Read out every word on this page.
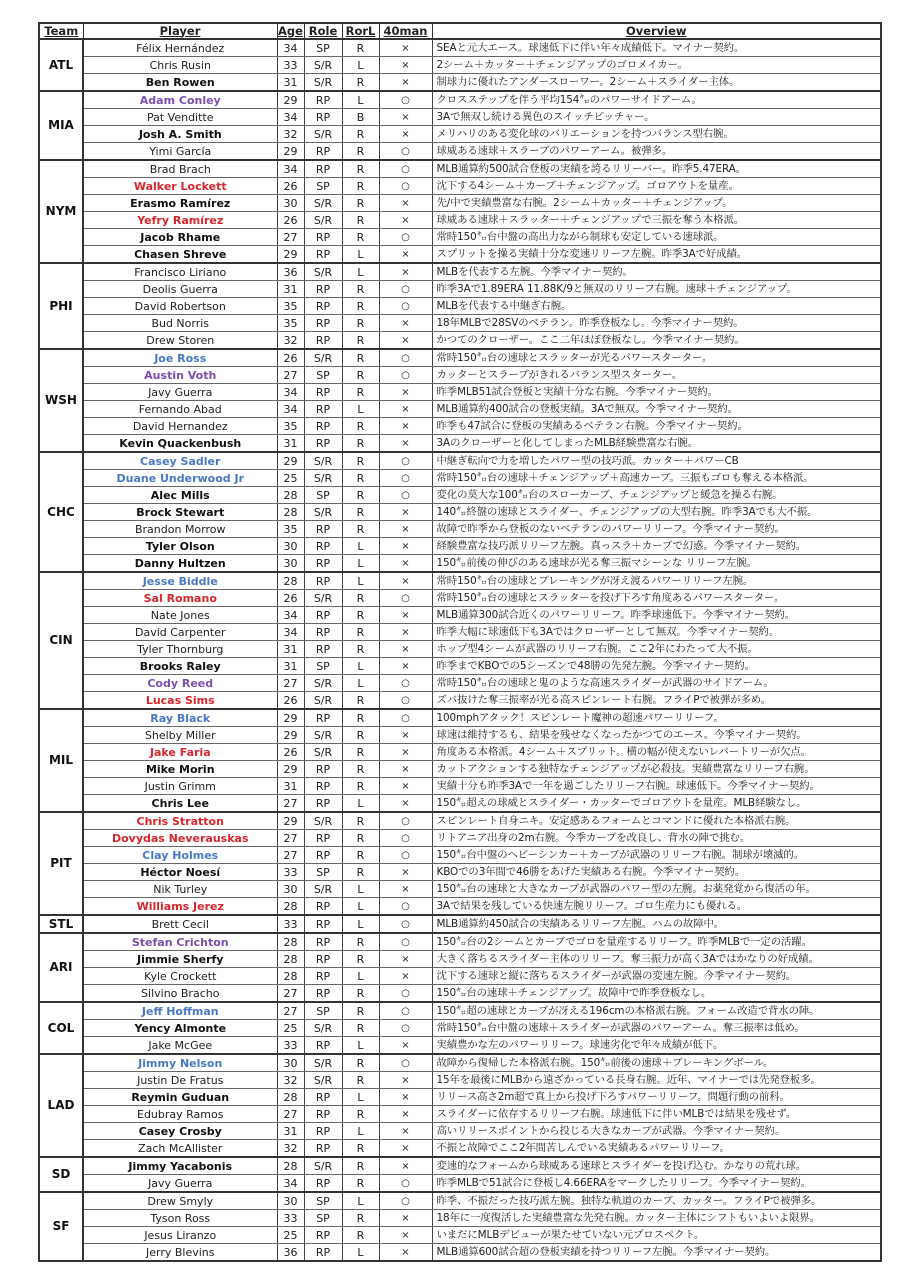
Team	Player	Age	Role	RorL	40man	Overview
ATL	Félix Hernández	34	SP	R	×	SEAと元大エース。球速低下に伴い年々成績低下。マイナー契約。
	Chris Rusin	33	S/R	L	×	2シーム＋カッター＋チェンジアップのゴロメイカー。
	Ben Rowen	31	S/R	R	×	制球力に優れたアンダースローワー。2シーム＋スライダー主体。
MIA	Adam Conley	29	RP	L	○	クロスステップを伴う平均154㌔のパワーサイドアーム。
	Pat Venditte	34	RP	B	×	3Aで無双し続ける異色のスイッチピッチャー。
	Josh A. Smith	32	S/R	R	×	メリハリのある変化球のバリエーションを持つバランス型右腕。
	Yimi García	29	RP	R	○	球威ある速球＋スラーブのパワーアーム。被弾多。
NYM	Brad Brach	34	RP	R	○	MLB通算約500試合登板の実績を誇るリリーバー。昨季5.47ERA。
	Walker Lockett	26	SP	R	○	沈下する4シーム＋カーブ＋チェンジアップ。ゴロアウトを量産。
	Erasmo Ramírez	30	S/R	R	×	先/中で実績豊富な右腕。2シーム＋カッター＋チェンジアップ。
	Yefry Ramírez	26	S/R	R	×	球威ある速球＋スラッター＋チェンジアップで三振を奪う本格派。
	Jacob Rhame	27	RP	R	○	常時150㌔台中盤の高出力ながら制球も安定している速球派。
	Chasen Shreve	29	RP	L	×	スプリットを操る実績十分な変速リリーフ左腕。昨季3Aで好成績。
PHI	Francisco Liriano	36	S/R	L	×	MLBを代表する左腕。今季マイナー契約。
	Deolis Guerra	31	RP	R	○	昨季3Aで1.89ERA 11.88K/9と無双のリリーフ右腕。速球＋チェンジアップ。
	David Robertson	35	RP	R	○	MLBを代表する中継ぎ右腕。
	Bud Norris	35	RP	R	×	18年MLBで28SVのベテラン。昨季登板なし。今季マイナー契約。
	Drew Storen	32	RP	R	×	かつてのクローザー。ここ二年ほぼ登板なし。今季マイナー契約。
WSH	Joe Ross	26	S/R	R	○	常時150㌔台の速球とスラッターが光るパワースターター。
	Austin Voth	27	SP	R	○	カッターとスラーブがきれるバランス型スターター。
	Javy Guerra	34	RP	R	×	昨季MLB51試合登板と実績十分な右腕。今季マイナー契約。
	Fernando Abad	34	RP	L	×	MLB通算約400試合の登板実績。3Aで無双。今季マイナー契約。
	David Hernandez	35	RP	R	×	昨季も47試合に登板の実績あるベテラン右腕。今季マイナー契約。
	Kevin Quackenbush	31	RP	R	×	3Aのクローザーと化してしまったMLB経験豊富な右腕。
CHC	Casey Sadler	29	S/R	R	○	中継ぎ転向で力を増したパワー型の技巧派。カッター＋パワーCB
	Duane Underwood Jr	25	S/R	R	○	常時150㌔台の速球＋チェンジアップ＋高速カーブ。三振もゴロも奪える本格派。
	Alec Mills	28	SP	R	○	変化の莫大な100㌔台のスローカーブ、チェンジアップと緩急を操る右腕。
	Brock Stewart	28	S/R	R	×	140㌔終盤の速球とスライダー、チェンジアップの大型右腕。昨季3Aでも大不振。
	Brandon Morrow	35	RP	R	×	故障で昨季から登板のないベテランのパワーリリーフ。今季マイナー契約。
	Tyler Olson	30	RP	L	×	経験豊富な技巧派リリーフ左腕。真っスラ＋カーブで幻惑。今季マイナー契約。
	Danny Hultzen	30	RP	L	×	150㌔前後の伸びのある速球が光る奪三振マシーンな リリーフ左腕。
CIN	Jesse Biddle	28	RP	L	×	常時150㌔台の速球とブレーキングが冴え渡るパワーリリーフ左腕。
	Sal Romano	26	S/R	R	○	常時150㌔台の速球とスラッターを投げ下ろす角度あるパワースターター。
	Nate Jones	34	RP	R	×	MLB通算300試合近くのパワーリリーフ。昨季球速低下。今季マイナー契約。
	David Carpenter	34	RP	R	×	昨季大幅に球速低下も3Aではクローザーとして無双。今季マイナー契約。
	Tyler Thornburg	31	RP	R	×	ホップ型4シームが武器のリリーフ右腕。ここ2年にわたって大不振。
	Brooks Raley	31	SP	L	×	昨季までKBOでの5シーズンで48勝の先発左腕。今季マイナー契約。
	Cody Reed	27	S/R	L	○	常時150㌔台の速球と鬼のような高速スライダーが武器のサイドアーム。
	Lucas Sims	26	S/R	R	○	ズバ抜けた奪三振率が光る高スピンレート右腕。フライPで被弾が多め。
MIL	Ray Black	29	RP	R	○	100mphアタック！スピンレート魔神の超速パワーリリーフ。
	Shelby Miller	29	S/R	R	×	球速は維持するも、結果を残せなくなったかつてのエース。今季マイナー契約。
	Jake Faria	26	S/R	R	×	角度ある本格派。4シーム＋スプリット。横の幅が使えないレパートリーが欠点。
	Mike Morin	29	RP	R	×	カットアクションする独特なチェンジアップが必殺技。実績豊富なリリーフ右腕。
	Justin Grimm	31	RP	R	×	実績十分も昨季3Aで一年を過ごしたリリーフ右腕。球速低下。今季マイナー契約。
	Chris Lee	27	RP	L	×	150㌔超えの球威とスライダー・カッターでゴロアウトを量産。MLB経験なし。
PIT	Chris Stratton	29	S/R	R	○	スピンレート自身ニキ。安定感あるフォームとコマンドに優れた本格派右腕。
	Dovydas Neverauskas	27	RP	R	○	リトアニア出身の2m右腕。今季カーブを改良し、背水の陣で挑む。
	Clay Holmes	27	RP	R	○	150㌔台中盤のヘビーシンカー＋カーブが武器のリリーフ右腕。制球が壊滅的。
	Héctor Noesí	33	SP	R	×	KBOでの3年間で46勝をあげた実績ある右腕。今季マイナー契約。
	Nik Turley	30	S/R	L	×	150㌔台の速球と大きなカーブが武器のパワー型の左腕。お薬発覚から復活の年。
	Williams Jerez	28	RP	L	○	3Aで結果を残している快速左腕リリーフ。ゴロ生産力にも優れる。
STL	Brett Cecil	33	RP	L	○	MLB通算約450試合の実績あるリリーフ左腕。ハムの故障中。
ARI	Stefan Crichton	28	RP	R	○	150㌔台の2シームとカーブでゴロを量産するリリーフ。昨季MLBで一定の活躍。
	Jimmie Sherfy	28	RP	R	×	大きく落ちるスライダー主体のリリーフ。奪三振力が高く3Aではかなりの好成績。
	Kyle Crockett	28	RP	L	×	沈下する速球と縦に落ちるスライダーが武器の変速左腕。今季マイナー契約。
	Silvino Bracho	27	RP	R	○	150㌔台の速球＋チェンジアップ。故障中で昨季登板なし。
COL	Jeff Hoffman	27	SP	R	○	150㌔超の速球とカーブが冴える196cmの本格派右腕。フォーム改造で背水の陣。
	Yency Almonte	25	S/R	R	○	常時150㌔台中盤の速球＋スライダーが武器のパワーアーム。奪三振率は低め。
	Jake McGee	33	RP	L	×	実績豊かな左のパワーリリーフ。球速劣化で年々成績が低下。
LAD	Jimmy Nelson	30	S/R	R	○	故障から復帰した本格派右腕。150㌔前後の速球＋ブレーキングボール。
	Justin De Fratus	32	S/R	R	×	15年を最後にMLBから遠ざかっている長身右腕。近年、マイナーでは先発登板多。
	Reymin Guduan	28	RP	L	×	リリース高さ2m超で真上から投げ下ろすパワーリリーフ。問題行動の前科。
	Edubray Ramos	27	RP	R	×	スライダーに依存するリリーフ右腕。球速低下に伴いMLBでは結果を残せず。
	Casey Crosby	31	RP	L	×	高いリリースポイントから投じる大きなカーブが武器。今季マイナー契約。
	Zach McAllister	32	RP	R	×	不振と故障でここ2年間苦しんでいる実績あるパワーリリーフ。
SD	Jimmy Yacabonis	28	S/R	R	×	変速的なフォームから球威ある速球とスライダーを投げ込む。かなりの荒れ球。
	Javy Guerra	34	RP	R	○	昨季MLBで51試合に登板し4.66ERAをマークしたリリーフ。今季マイナー契約。
SF	Drew Smyly	30	SP	L	○	昨季、不振だった技巧派左腕。独特な軌道のカーブ、カッター。フライPで被弾多。
	Tyson Ross	33	SP	R	×	18年に一度復活した実績豊富な先発右腕。カッター主体にシフトもいよいよ限界。
	Jesus Liranzo	25	RP	R	×	いまだにMLBデビューが果たせていない元プロスペクト。
	Jerry Blevins	36	RP	L	×	MLB通算600試合超の登板実績を持つリリーフ左腕。今季マイナー契約。
